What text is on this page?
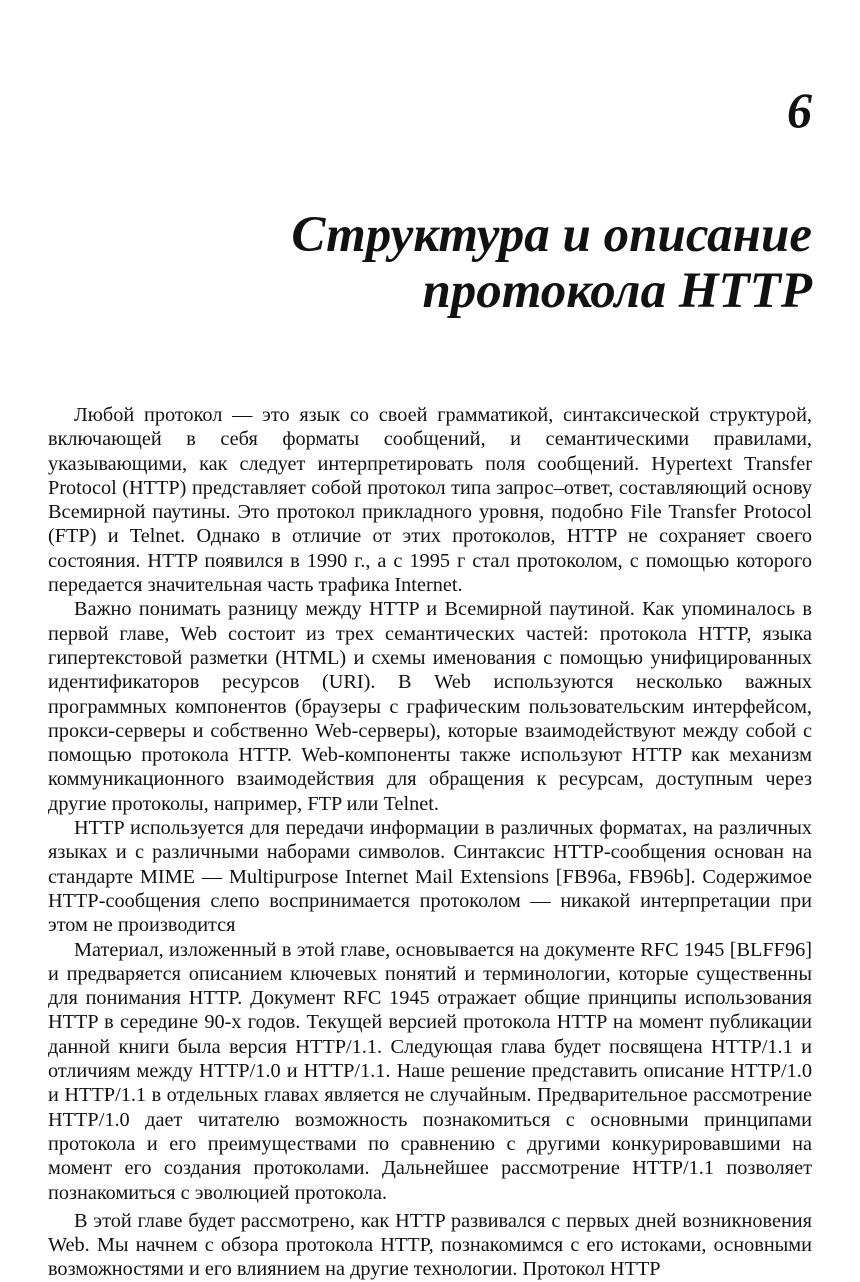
6
Структура и описание
протокола HTTP

Любой протокол — это язык со своей грамматикой, синтаксической структурой, включающей в себя форматы сообщений, и семантическими правилами, указывающими, как следует интерпретировать поля сообщений. Hypertext Transfer Protocol (HTTP) представляет собой протокол типа запрос–ответ, составляющий основу Всемирной паутины. Это протокол прикладного уровня, подобно File Transfer Protocol (FTP) и Telnet. Однако в отличие от этих протоколов, HTTP не сохраняет своего состояния. HTTP появился в 1990 г., а с 1995 г стал протоколом, с помощью которого передается значительная часть трафика Internet.

Важно понимать разницу между HTTP и Всемирной паутиной. Как упоминалось в первой главе, Web состоит из трех семантических частей: протокола HTTP, языка гипертекстовой разметки (HTML) и схемы именования с помощью унифицированных идентификаторов ресурсов (URI). В Web используются несколько важных программных компонентов (браузеры с графическим пользовательским интерфейсом, прокси-серверы и собственно Web-серверы), которые взаимодействуют между собой с помощью протокола HTTP. Web-компоненты также используют HTTP как механизм коммуникационного взаимодействия для обращения к ресурсам, доступным через другие протоколы, например, FTP или Telnet.

HTTP используется для передачи информации в различных форматах, на различных языках и с различными наборами символов. Синтаксис HTTP-сообщения основан на стандарте MIME — Multipurpose Internet Mail Extensions [FB96a, FB96b]. Содержимое HTTP-сообщения слепо воспринимается протоколом — никакой интерпретации при этом не производится

Материал, изложенный в этой главе, основывается на документе RFC 1945 [BLFF96] и предваряется описанием ключевых понятий и терминологии, которые существенны для понимания HTTP. Документ RFC 1945 отражает общие принципы использования HTTP в середине 90-х годов. Текущей версией протокола HTTP на момент публикации данной книги была версия HTTP/1.1. Следующая глава будет посвящена HTTP/1.1 и отличиям между HTTP/1.0 и HTTP/1.1. Наше решение представить описание HTTP/1.0 и HTTP/1.1 в отдельных главах является не случайным. Предварительное рассмотрение HTTP/1.0 дает читателю возможность познакомиться с основными принципами протокола и его преимуществами по сравнению с другими конкурировавшими на момент его создания протоколами. Дальнейшее рассмотрение HTTP/1.1 позволяет познакомиться с эволюцией протокола.

В этой главе будет рассмотрено, как HTTP развивался с первых дней возникновения Web. Мы начнем с обзора протокола HTTP, познакомимся с его истоками, основными возможностями и его влиянием на другие технологии. Протокол HTTP
